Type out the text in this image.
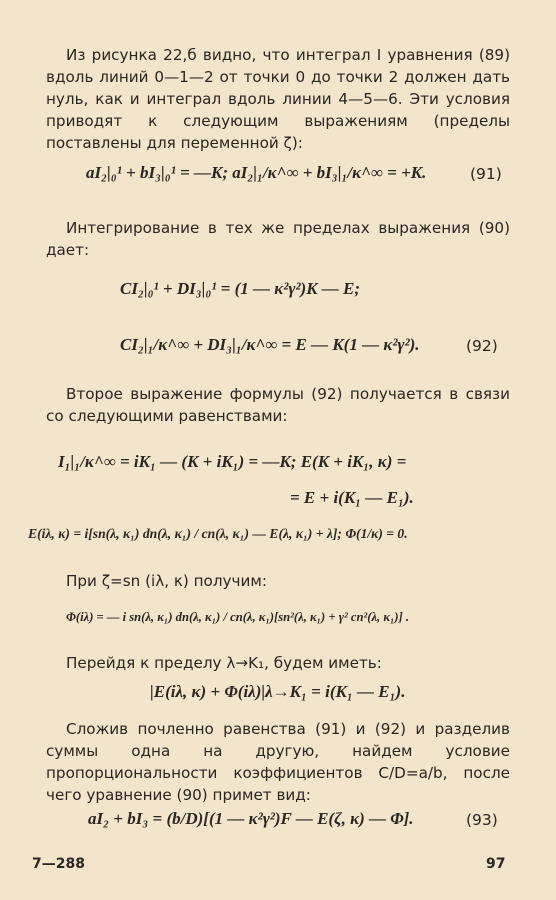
Из рисунка 22,б видно, что интеграл I уравнения (89) вдоль линий 0—1—2 от точки 0 до точки 2 должен дать нуль, как и интеграл вдоль линии 4—5—6. Эти условия приводят к следующим выражениям (пределы поставлены для переменной ζ):

aI₂|₀¹ + bI₃|₀¹ = —K; aI₂|₁/κ^∞ + bI₃|₁/κ^∞ = +K.	(91)

Интегрирование в тех же пределах выражения (90) дает:

CI₂|₀¹ + DI₃|₀¹ = (1 — κ²γ²)K — E;
CI₂|₁/κ^∞ + DI₃|₁/κ^∞ = E — K(1 — κ²γ²).	(92)

Второе выражение формулы (92) получается в связи со следующими равенствами:

I₁|₁/κ^∞ = iK₁ — (K + iK₁) = —K; E(K + iK₁, κ) =
= E + i(K₁ — E₁).
E(iλ, κ) = i[sn(λ, κ₁) dn(λ, κ₁) / cn(λ, κ₁) — E(λ, κ₁) + λ]; Φ(1/κ) = 0.

При ζ=sn (iλ, κ) получим:

Φ(iλ) = — i sn(λ, κ₁) dn(λ, κ₁) / cn(λ, κ₁)[sn²(λ, κ₁) + γ² cn²(λ, κ₁)] .

Перейдя к пределу λ→K₁, будем иметь:

|E(iλ, κ) + Φ(iλ)|λ→K₁ = i(K₁ — E₁).

Сложив почленно равенства (91) и (92) и разделив суммы одна на другую, найдем условие пропорциональности коэффициентов C/D=a/b, после чего уравнение (90) примет вид:

aI₂ + bI₃ = (b/D)[(1 — κ²γ²)F — E(ζ, κ) — Φ].	(93)
7—288	97
